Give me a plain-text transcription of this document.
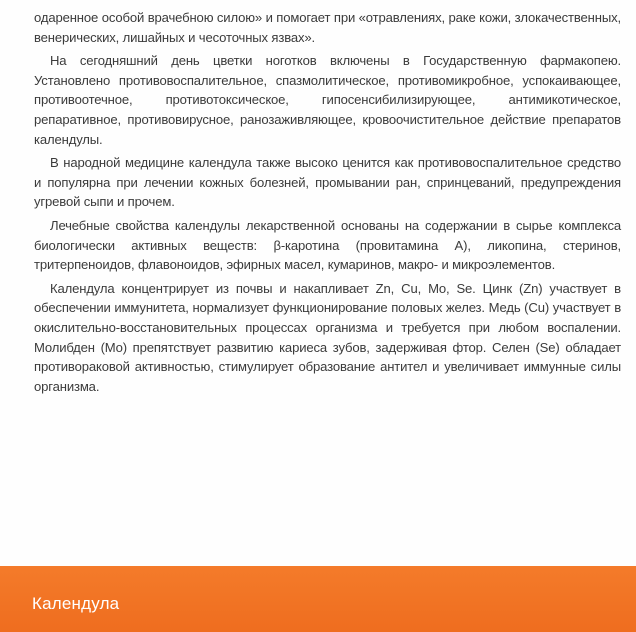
одаренное особой врачебною силою» и помогает при «отравлениях, раке кожи, злокачественных, венерических, лишайных и чесоточных язвах».

На сегодняшний день цветки ноготков включены в Государственную фармакопею. Установлено противовоспалительное, спазмолитическое, противомикробное, успокаивающее, противоотечное, противотоксическое, гипосенсибилизирующее, антимикотическое, репаративное, противовирусное, ранозаживляющее, кровоочистительное действие препаратов календулы.

В народной медицине календула также высоко ценится как противовоспалительное средство и популярна при лечении кожных болезней, промывании ран, спринцеваний, предупреждения угревой сыпи и прочем.

Лечебные свойства календулы лекарственной основаны на содержании в сырье комплекса биологически активных веществ: β-каротина (провитамина А), ликопина, стеринов, тритерпеноидов, флавоноидов, эфирных масел, кумаринов, макро- и микроэлементов.

Календула концентрирует из почвы и накапливает Zn, Cu, Mo, Se. Цинк (Zn) участвует в обеспечении иммунитета, нормализует функционирование половых желез. Медь (Cu) участвует в окислительно-восстановительных процессах организма и требуется при любом воспалении. Молибден (Mo) препятствует развитию кариеса зубов, задерживая фтор. Селен (Se) обладает противораковой активностью, стимулирует образование антител и увеличивает иммунные силы организма.

Календула
